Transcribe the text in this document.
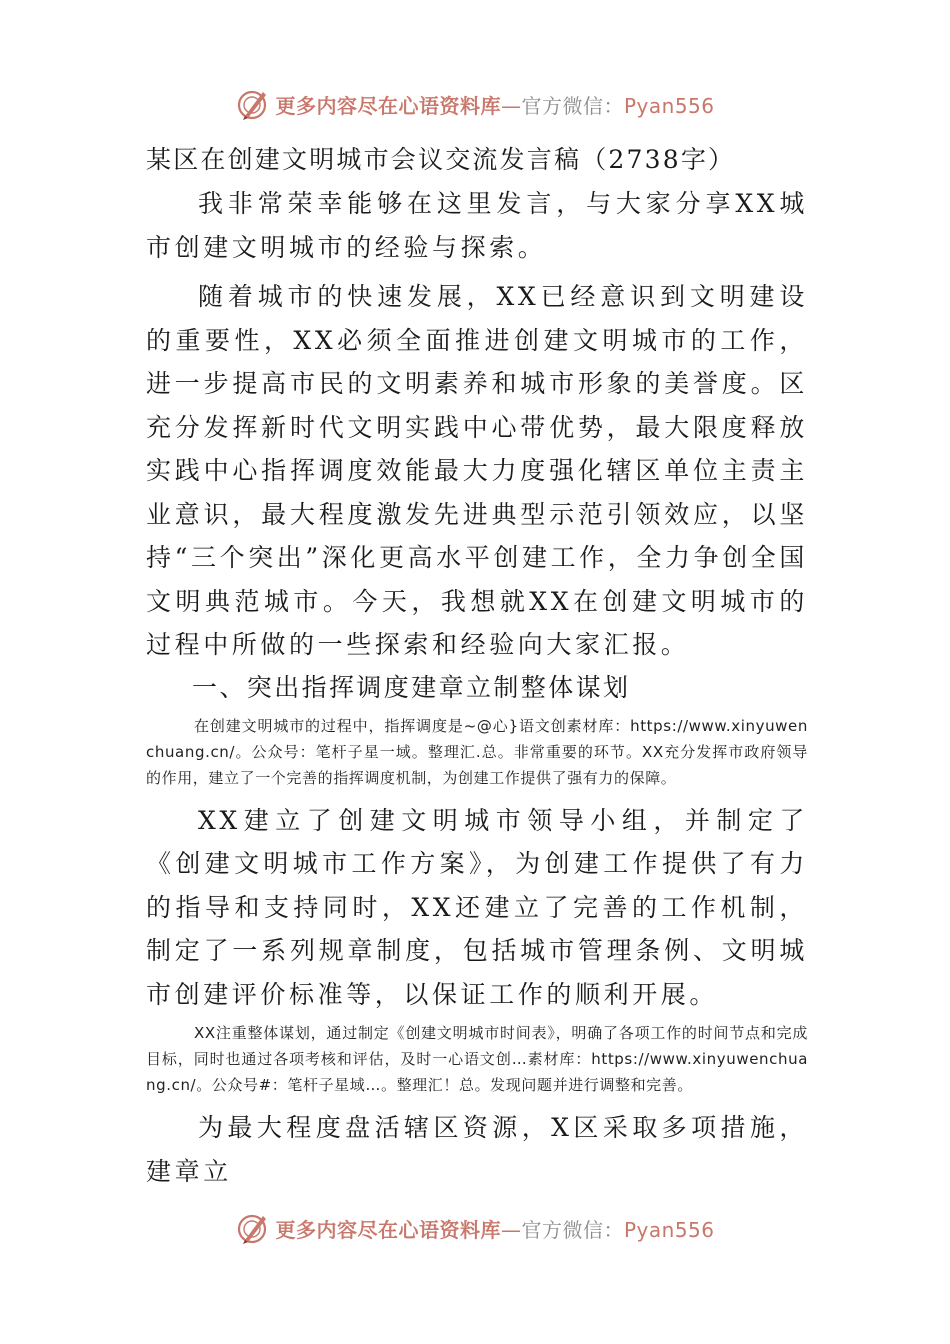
更多内容尽在心语资料库—官方微信：Pyan556

某区在创建文明城市会议交流发言稿（2738字）

我非常荣幸能够在这里发言，与大家分享XX城市创建文明城市的经验与探索。

随着城市的快速发展，XX已经意识到文明建设的重要性，XX必须全面推进创建文明城市的工作，进一步提高市民的文明素养和城市形象的美誉度。区充分发挥新时代文明实践中心带优势，最大限度释放实践中心指挥调度效能最大力度强化辖区单位主责主业意识，最大程度激发先进典型示范引领效应，以坚持“三个突出”深化更高水平创建工作，全力争创全国文明典范城市。今天，我想就XX在创建文明城市的过程中所做的一些探索和经验向大家汇报。

一、突出指挥调度建章立制整体谋划

在创建文明城市的过程中，指挥调度是~@心}语文创素材库：https://www.xinyuwenchuang.cn/。公众号：笔杆子星一域。整理汇.总。非常重要的环节。XX充分发挥市政府领导的作用，建立了一个完善的指挥调度机制，为创建工作提供了强有力的保障。

XX建立了创建文明城市领导小组，并制定了《创建文明城市工作方案》，为创建工作提供了有力的指导和支持同时，XX还建立了完善的工作机制，制定了一系列规章制度，包括城市管理条例、文明城市创建评价标准等，以保证工作的顺利开展。

XX注重整体谋划，通过制定《创建文明城市时间表》，明确了各项工作的时间节点和完成目标，同时也通过各项考核和评估，及时一心语文创…素材库：https://www.xinyuwenchuang.cn/。公众号#：笔杆子星域…。整理汇！总。发现问题并进行调整和完善。

为最大程度盘活辖区资源，X区采取多项措施，建章立

更多内容尽在心语资料库—官方微信：Pyan556
